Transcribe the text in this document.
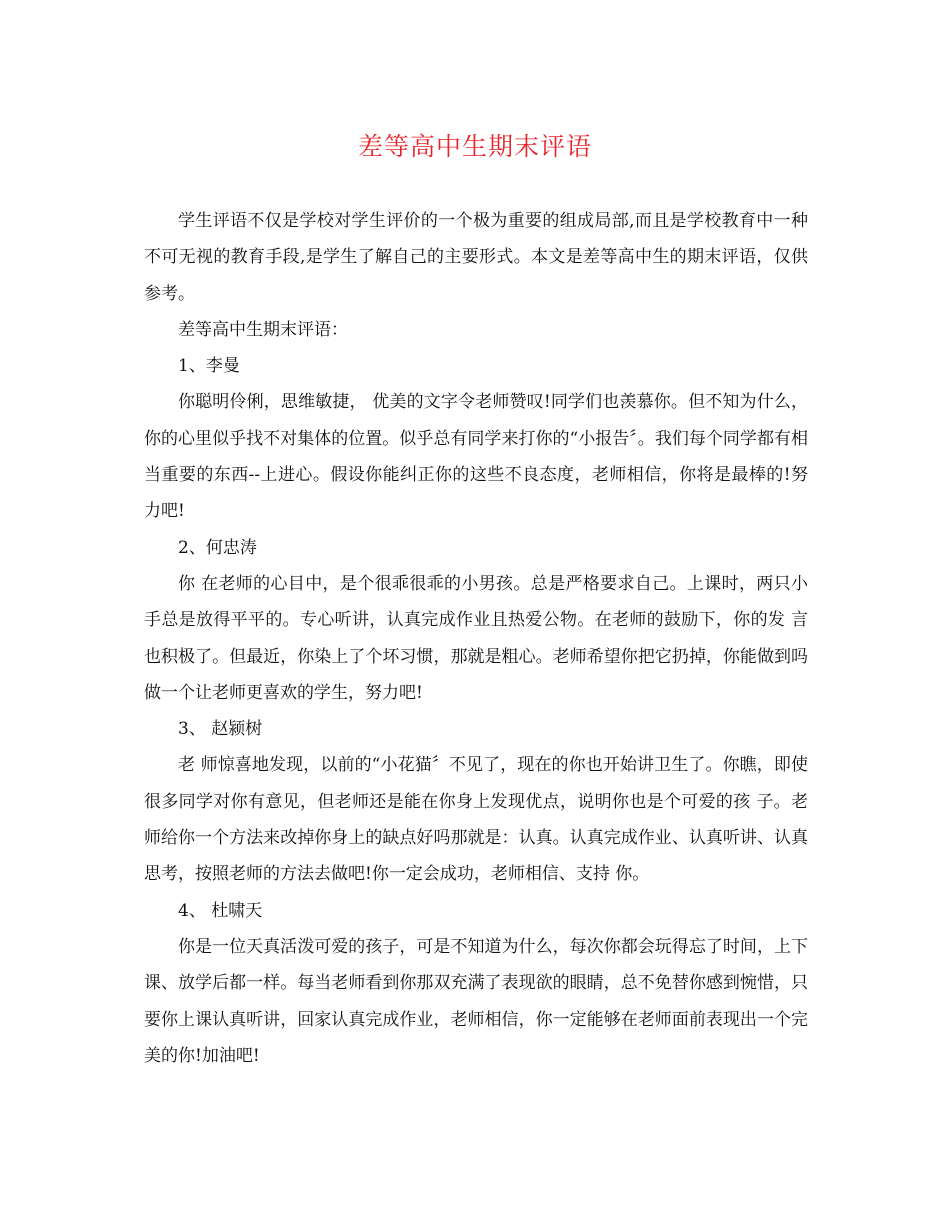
差等高中生期末评语

学生评语不仅是学校对学生评价的一个极为重要的组成局部,而且是学校教育中一种不可无视的教育手段,是学生了解自己的主要形式。本文是差等高中生的期末评语，仅供参考。

差等高中生期末评语：

1、李曼

你聪明伶俐，思维敏捷， 优美的文字令老师赞叹!同学们也羡慕你。但不知为什么，你的心里似乎找不对集体的位置。似乎总有同学来打你的“小报告〞。我们每个同学都有相当重要的东西--上进心。假设你能纠正你的这些不良态度，老师相信，你将是最棒的!努力吧!

2、何忠涛

你 在老师的心目中，是个很乖很乖的小男孩。总是严格要求自己。上课时，两只小手总是放得平平的。专心听讲，认真完成作业且热爱公物。在老师的鼓励下，你的发 言也积极了。但最近，你染上了个坏习惯，那就是粗心。老师希望你把它扔掉，你能做到吗做一个让老师更喜欢的学生，努力吧!

3、 赵颍树

老 师惊喜地发现，以前的“小花猫〞不见了，现在的你也开始讲卫生了。你瞧，即使很多同学对你有意见，但老师还是能在你身上发现优点，说明你也是个可爱的孩 子。老师给你一个方法来改掉你身上的缺点好吗那就是：认真。认真完成作业、认真听讲、认真思考，按照老师的方法去做吧!你一定会成功，老师相信、支持 你。

4、 杜啸天

你是一位天真活泼可爱的孩子，可是不知道为什么，每次你都会玩得忘了时间，上下课、放学后都一样。每当老师看到你那双充满了表现欲的眼睛，总不免替你感到惋惜，只要你上课认真听讲，回家认真完成作业，老师相信，你一定能够在老师面前表现出一个完美的你!加油吧!
